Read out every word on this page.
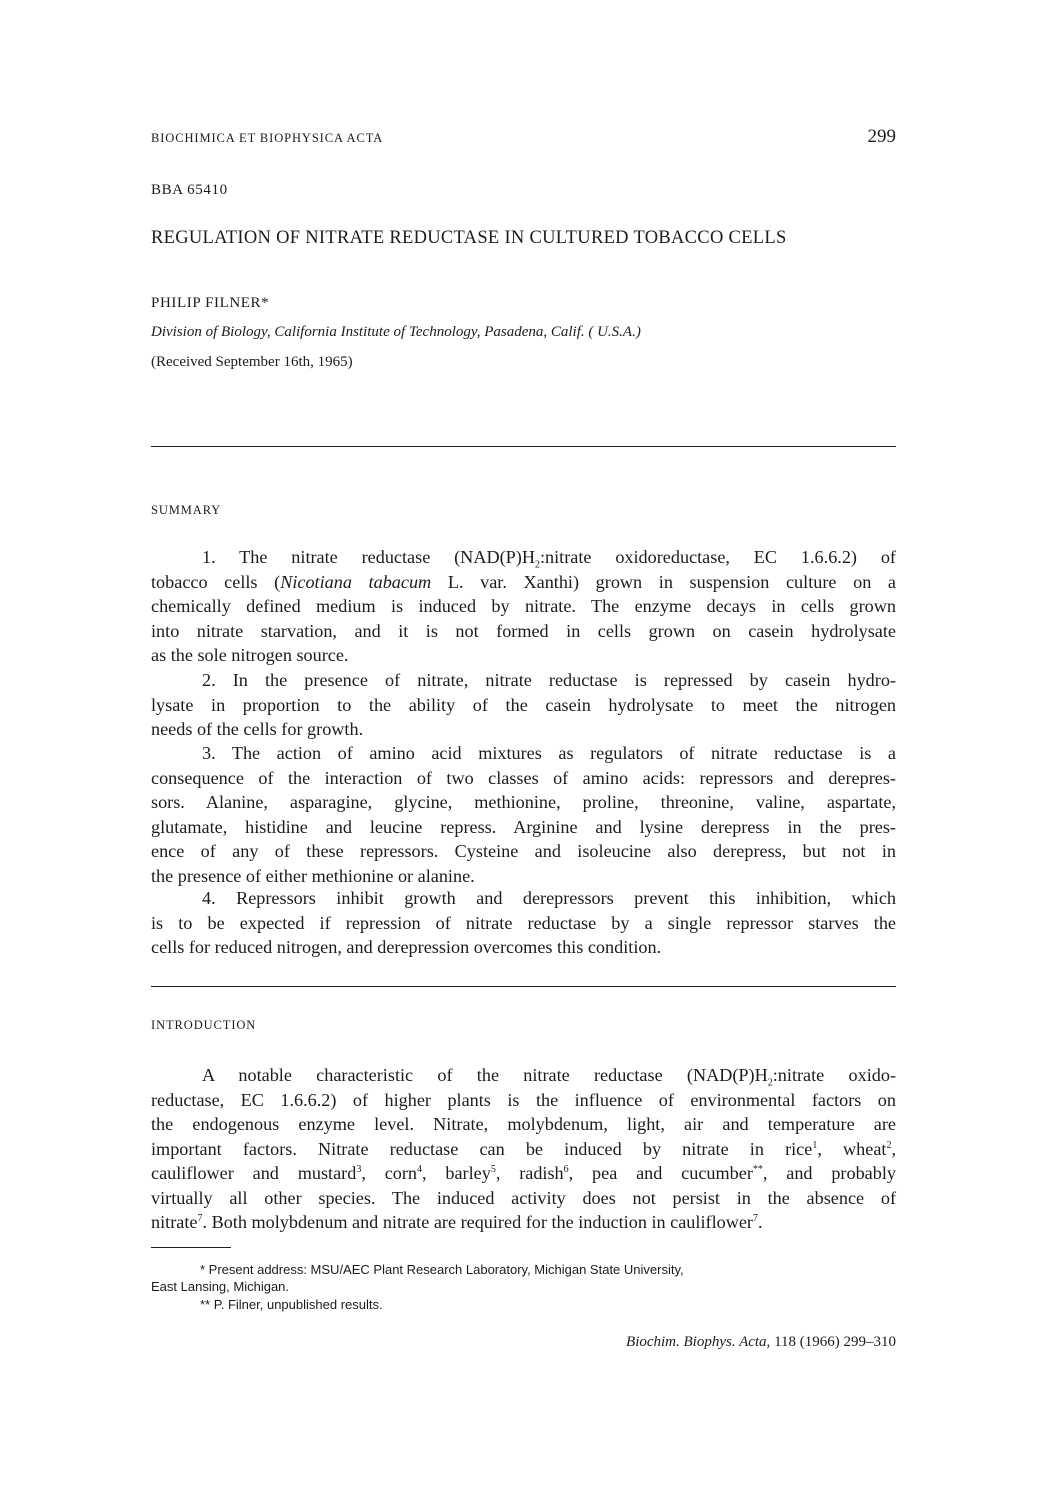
BIOCHIMICA ET BIOPHYSICA ACTA	299
BBA 65410
REGULATION OF NITRATE REDUCTASE IN CULTURED TOBACCO CELLS
PHILIP FILNER*
Division of Biology, California Institute of Technology, Pasadena, Calif. ( U.S.A.)
(Received September 16th, 1965)
SUMMARY
1. The nitrate reductase ($NAD(P)H_2:nitrate$ oxidoreductase, EC 1.6.6.2) of
tobacco cells (Nicotiana tabacum L. var. Xanthi) grown in suspension culture on a
chemically defined medium is induced by nitrate. The enzyme decays in cells grown
into nitrate starvation, and it is not formed in cells grown on casein hydrolysate
as the sole nitrogen source.
2. In the presence of nitrate, nitrate reductase is repressed by casein hydro-
lysate in proportion to the ability of the casein hydrolysate to meet the nitrogen
needs of the cells for growth.
3. The action of amino acid mixtures as regulators of nitrate reductase is a
consequence of the interaction of two classes of amino acids: repressors and derepres-
sors. Alanine, asparagine, glycine, methionine, proline, threonine, valine, aspartate,
glutamate, histidine and leucine repress. Arginine and lysine derepress in the pres-
ence of any of these repressors. Cysteine and isoleucine also derepress, but not in
the presence of either methionine or alanine.
4. Repressors inhibit growth and derepressors prevent this inhibition, which
is to be expected if repression of nitrate reductase by a single repressor starves the
cells for reduced nitrogen, and derepression overcomes this condition.
INTRODUCTION
A notable characteristic of the nitrate reductase ($NAD(P)H_2:nitrate$ oxido-
reductase, EC 1.6.6.2) of higher plants is the influence of environmental factors on
the endogenous enzyme level. Nitrate, molybdenum, light, air and temperature are
important factors. Nitrate reductase can be induced by nitrate in rice$^1$, wheat$^2$,
cauliflower and mustard$^3$, corn$^4$, barley$^5$, radish$^6$, pea and cucumber**, and probably
virtually all other species. The induced activity does not persist in the absence of
nitrate$^7$. Both molybdenum and nitrate are required for the induction in cauliflower$^7$.
* Present address: MSU/AEC Plant Research Laboratory, Michigan State University,
East Lansing, Michigan.
** P. Filner, unpublished results.
Biochim. Biophys. Acta, 118 (1966) 299–310
